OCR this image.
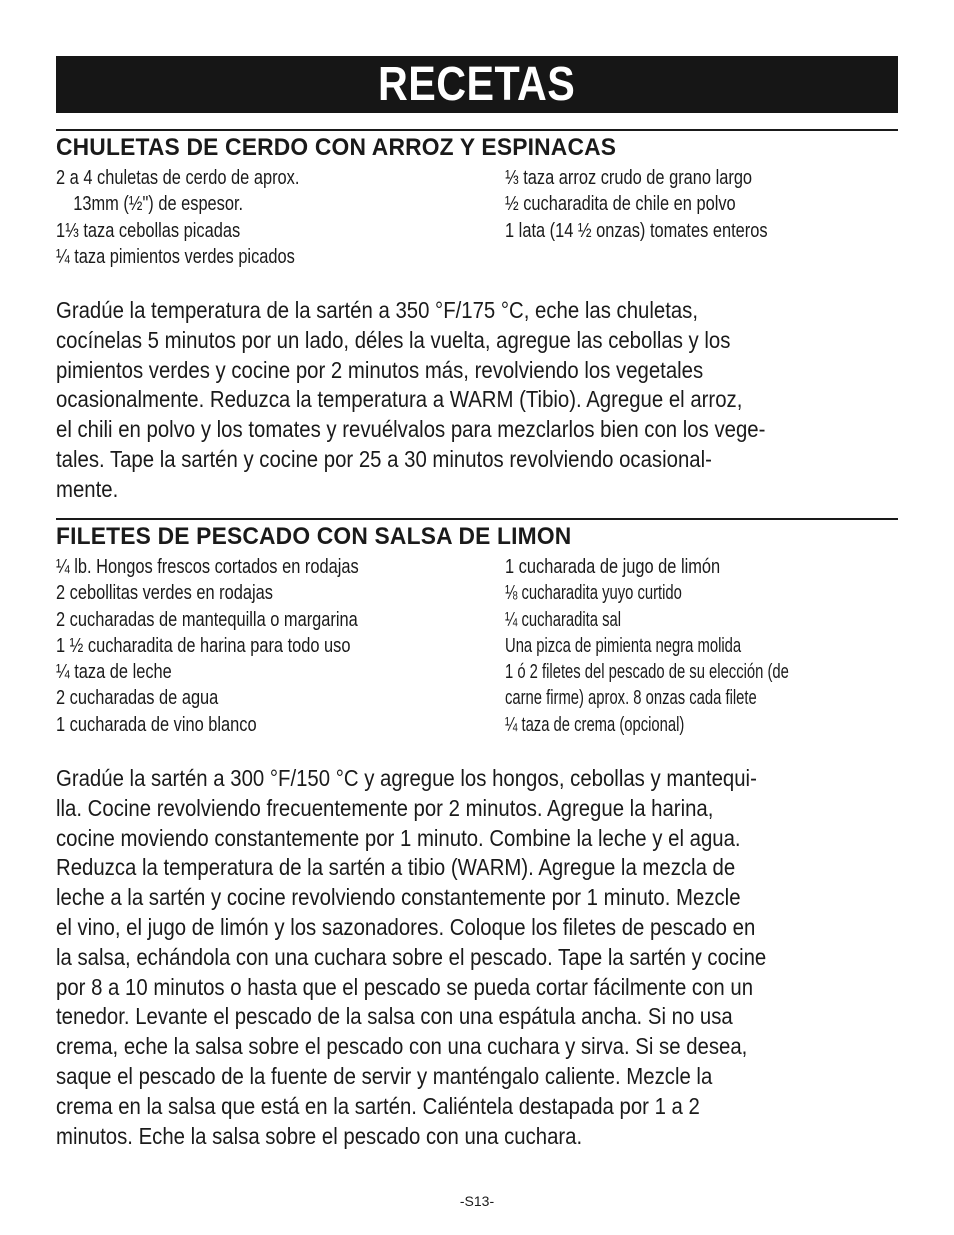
RECETAS
CHULETAS DE CERDO CON ARROZ Y ESPINACAS
2 a 4 chuletas de cerdo de aprox.
13mm (½") de espesor.
1⅓ taza cebollas picadas
¼ taza pimientos verdes picados
⅓ taza arroz crudo de grano largo
½ cucharadita de chile en polvo
1 lata (14 ½ onzas) tomates enteros
Gradúe la temperatura de la sartén a 350 °F/175 °C, eche las chuletas,
cocínelas 5 minutos por un lado, déles la vuelta, agregue las cebollas y los
pimientos verdes y cocine por 2 minutos más, revolviendo los vegetales
ocasionalmente. Reduzca la temperatura a WARM (Tibio). Agregue el arroz,
el chili en polvo y los tomates y revuélvalos para mezclarlos bien con los vege-
tales. Tape la sartén y cocine por 25 a 30 minutos revolviendo ocasional-
mente.
FILETES DE PESCADO CON SALSA DE LIMON
¼ lb. Hongos frescos cortados en rodajas
2 cebollitas verdes en rodajas
2 cucharadas de mantequilla o margarina
1 ½ cucharadita de harina para todo uso
¼ taza de leche
2 cucharadas de agua
1 cucharada de vino blanco
1 cucharada de jugo de limón
⅛ cucharadita yuyo curtido
¼ cucharadita sal
Una pizca de pimienta negra molida
1 ó 2 filetes del pescado de su elección (de
carne firme) aprox. 8 onzas cada filete
¼ taza de crema (opcional)
Gradúe la sartén a 300 °F/150 °C y agregue los hongos, cebollas y mantequi-
lla. Cocine revolviendo frecuentemente por 2 minutos. Agregue la harina,
cocine moviendo constantemente por 1 minuto. Combine la leche y el agua.
Reduzca la temperatura de la sartén a tibio (WARM). Agregue la mezcla de
leche a la sartén y cocine revolviendo constantemente por 1 minuto. Mezcle
el vino, el jugo de limón y los sazonadores. Coloque los filetes de pescado en
la salsa, echándola con una cuchara sobre el pescado. Tape la sartén y cocine
por 8 a 10 minutos o hasta que el pescado se pueda cortar fácilmente con un
tenedor. Levante el pescado de la salsa con una espátula ancha. Si no usa
crema, eche la salsa sobre el pescado con una cuchara y sirva. Si se desea,
saque el pescado de la fuente de servir y manténgalo caliente. Mezcle la
crema en la salsa que está en la sartén. Caliéntela destapada por 1 a 2
minutos. Eche la salsa sobre el pescado con una cuchara.
-S13-
